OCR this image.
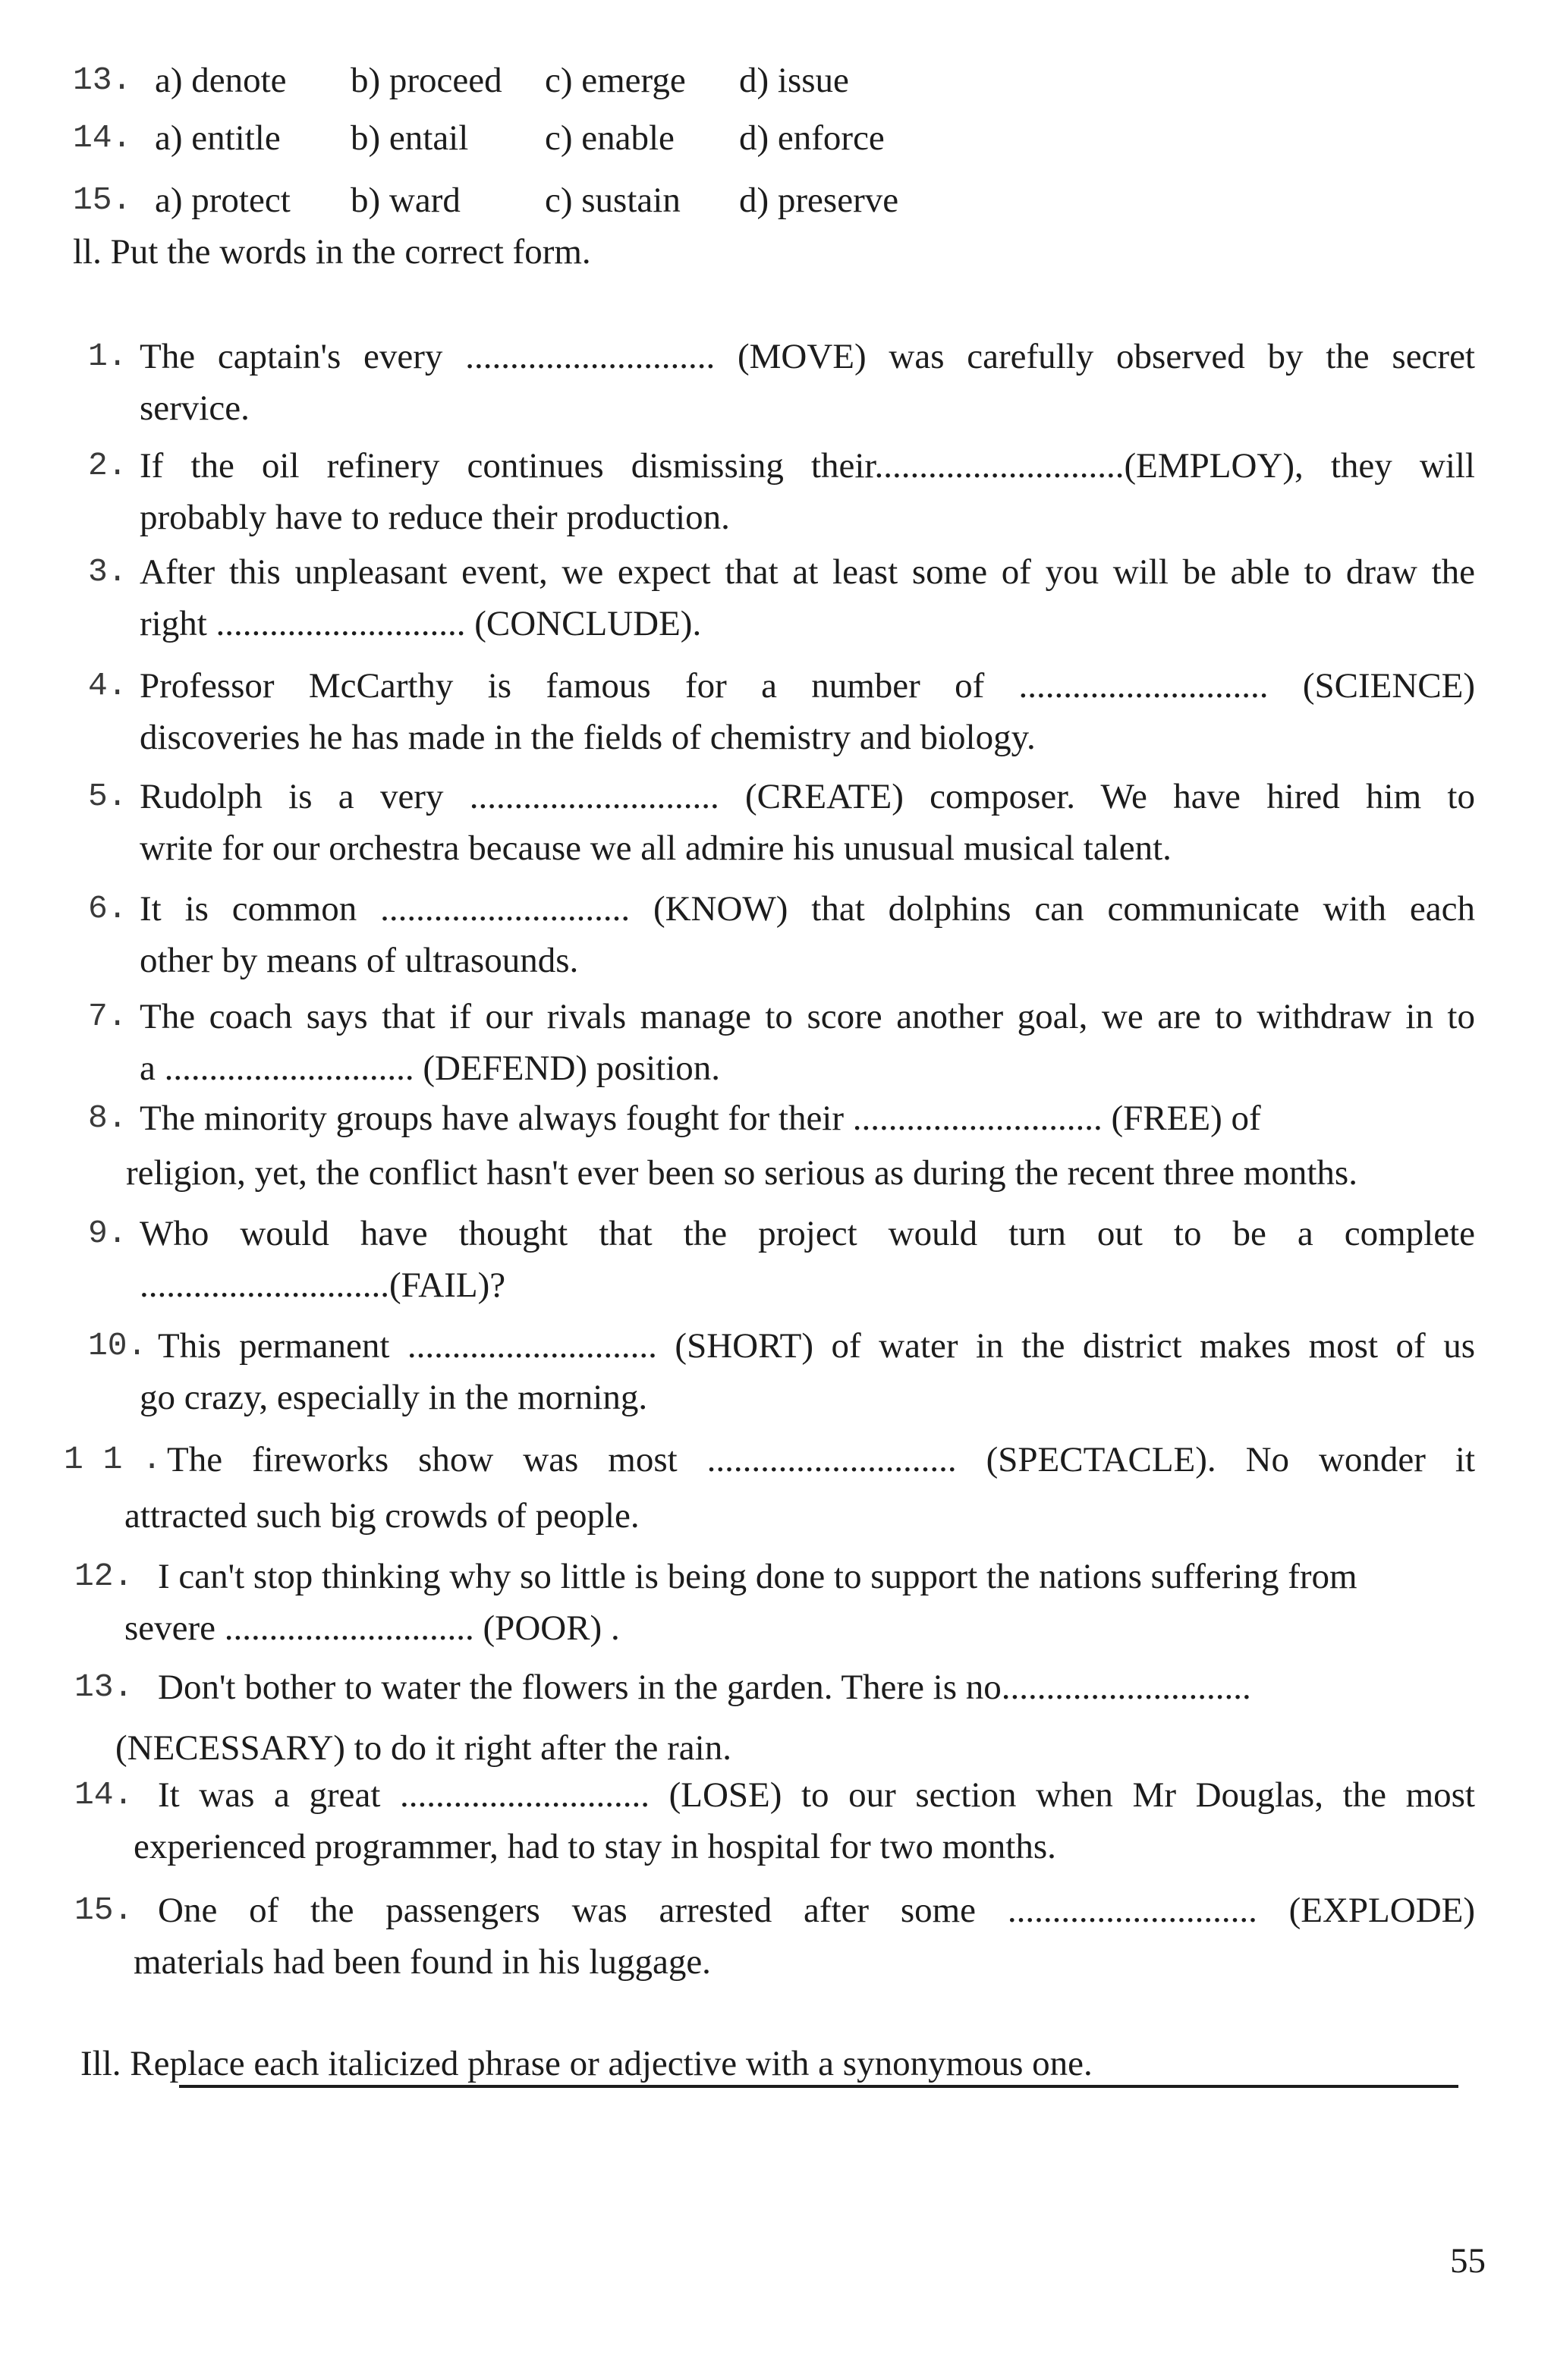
13. a) denote b) proceed c) emerge d) issue
14. a) entitle b) entail c) enable d) enforce
15. a) protect b) ward c) sustain d) preserve
ll. Put the words in the correct form.
1. The captain's every ............................ (MOVE) was carefully observed by the secret
service.
2. If the oil refinery continues dismissing their............................(EMPLOY), they will
probably have to reduce their production.
3. After this unpleasant event, we expect that at least some of you will be able to draw the
right ............................ (CONCLUDE).
4. Professor McCarthy is famous for a number of ............................ (SCIENCE)
discoveries he has made in the fields of chemistry and biology.
5. Rudolph is a very ............................ (CREATE) composer. We have hired him to
write for our orchestra because we all admire his unusual musical talent.
6. It is common ............................ (KNOW) that dolphins can communicate with each
other by means of ultrasounds.
7. The coach says that if our rivals manage to score another goal, we are to withdraw in to
a ............................ (DEFEND) position.
8. The minority groups have always fought for their ............................ (FREE) of
religion, yet, the conflict hasn't ever been so serious as during the recent three months.
9. Who would have thought that the project would turn out to be a complete
............................(FAIL)?
10. This permanent ............................ (SHORT) of water in the district makes most of us
go crazy, especially in the morning.
1 1 . The fireworks show was most ............................ (SPECTACLE). No wonder it
attracted such big crowds of people.
12. I can't stop thinking why so little is being done to support the nations suffering from
severe ............................ (POOR) .
13. Don't bother to water the flowers in the garden. There is no............................
(NECESSARY) to do it right after the rain.
14. It was a great ............................ (LOSE) to our section when Mr Douglas, the most
experienced programmer, had to stay in hospital for two months.
15. One of the passengers was arrested after some ............................ (EXPLODE)
materials had been found in his luggage.
Ill. Replace each italicized phrase or adjective with a synonymous one.
55
